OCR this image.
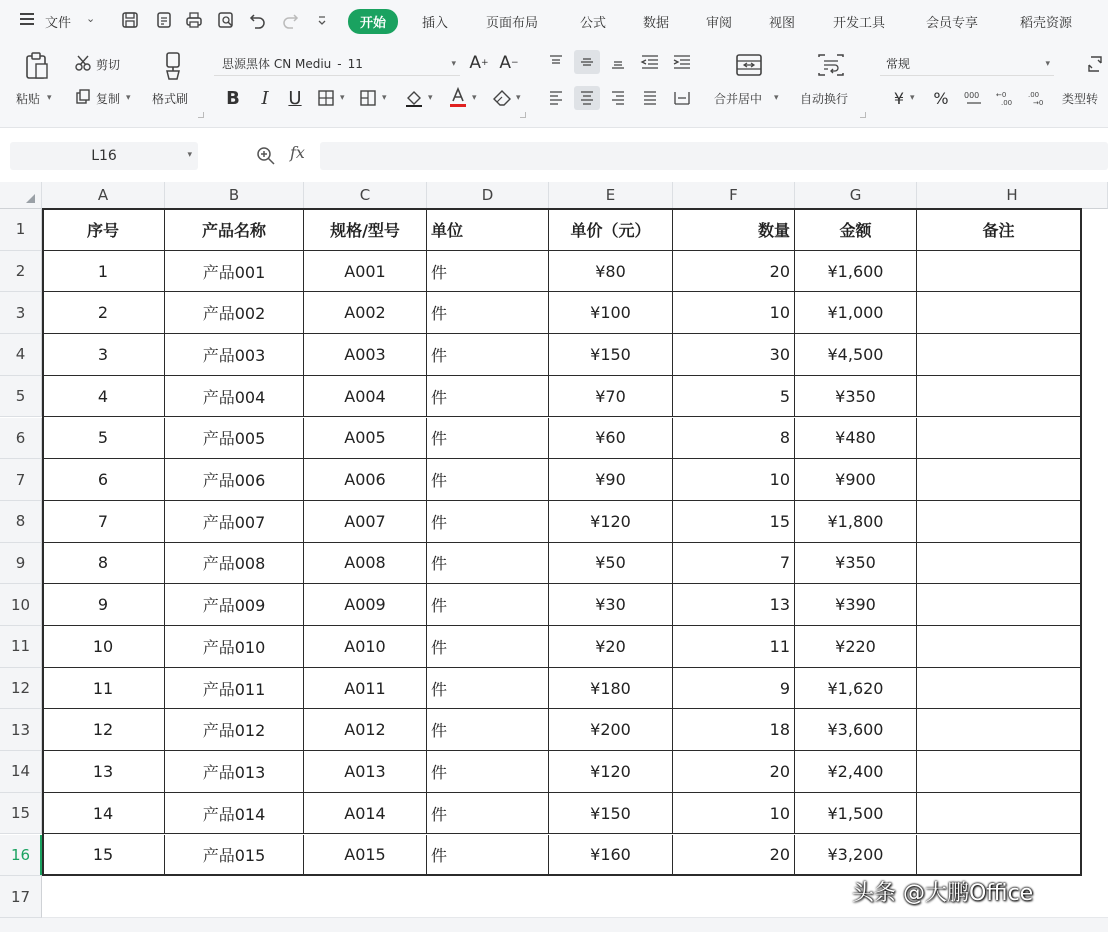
文件 ⌄	开始	插入	页面布局	公式	数据	审阅	视图	开发工具	会员专享	稻壳资源
粘贴 ▾
剪切
复制 ▾ 格式刷
思源黑体 CN Mediu - 11	▾ A + A −
B	I	U	▾	▾	▾	▾	▾	合并居中 ▾ 自动换行
常规	▾
¥ ▾ %	000 ←0
.00
.00
→0 类型转
L16	▾	fx
A	B	C	D	E	F	G	H
1
2
3
4
5
6
7
8
9
10
11
12
13
14
15
16
17
序号	产品名称	规格/型号	单位	单价（元）	数量	金额	备注
1	产品001	A001	件	¥80	20	¥1,600
2	产品002	A002	件	¥100	10	¥1,000
3	产品003	A003	件	¥150	30	¥4,500
4	产品004	A004	件	¥70	5	¥350
5	产品005	A005	件	¥60	8	¥480
6	产品006	A006	件	¥90	10	¥900
7	产品007	A007	件	¥120	15	¥1,800
8	产品008	A008	件	¥50	7	¥350
9	产品009	A009	件	¥30	13	¥390
10	产品010	A010	件	¥20	11	¥220
11	产品011	A011	件	¥180	9	¥1,620
12	产品012	A012	件	¥200	18	¥3,600
13	产品013	A013	件	¥120	20	¥2,400
14	产品014	A014	件	¥150	10	¥1,500
15	产品015	A015	件	¥160	20	¥3,200
头条 @大鹏Office
